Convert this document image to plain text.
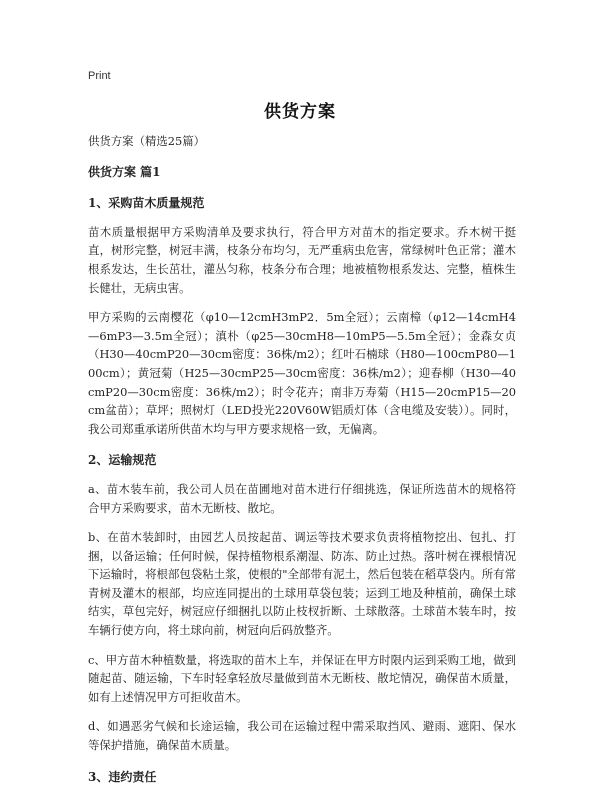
Print
供货方案

供货方案（精选25篇）

供货方案 篇1

1、采购苗木质量规范

苗木质量根据甲方采购清单及要求执行，符合甲方对苗木的指定要求。乔木树干挺直，树形完整，树冠丰满，枝条分布均匀，无严重病虫危害，常绿树叶色正常；灌木根系发达，生长茁壮，灌丛匀称，枝条分布合理；地被植物根系发达、完整，植株生长健壮，无病虫害。

甲方采购的云南樱花（φ10—12cmH3mP2．5m全冠）；云南樟（φ12—14cmH4—6mP3—3.5m全冠）；滇朴（φ25—30cmH8—10mP5—5.5m全冠）；金森女贞（H30—40cmP20—30cm密度：36株/m2）；红叶石楠球（H80—100cmP80—100cm）；黄冠菊（H25—30cmP25—30cm密度：36株/m2）；迎春柳（H30—40cmP20—30cm密度：36株/m2）；时令花卉；南非万寿菊（H15—20cmP15—20cm盆苗）；草坪；照树灯（LED投光220V60W铝质灯体（含电缆及安装））。同时，我公司郑重承诺所供苗木均与甲方要求规格一致，无偏离。

2、运输规范

a、苗木装车前，我公司人员在苗圃地对苗木进行仔细挑选，保证所选苗木的规格符合甲方采购要求，苗木无断枝、散坨。

b、在苗木装卸时，由园艺人员按起苗、调运等技术要求负责将植物挖出、包扎、打捆，以备运输；任何时候，保持植物根系潮湿、防冻、防止过热。落叶树在裸根情况下运输时，将根部包袋粘土浆，使根的"全部带有泥土，然后包装在稻草袋内。所有常青树及灌木的根部，均应连同提出的土球用草袋包装；运到工地及种植前，确保土球结实，草包完好，树冠应仔细捆扎以防止枝杈折断、土球散落。土球苗木装车时，按车辆行使方向，将土球向前，树冠向后码放整齐。

c、甲方苗木种植数量，将选取的苗木上车，并保证在甲方时限内运到采购工地，做到随起苗、随运输，下车时轻拿轻放尽量做到苗木无断枝、散坨情况，确保苗木质量，如有上述情况甲方可拒收苗木。

d、如遇恶劣气候和长途运输，我公司在运输过程中需采取挡风、避雨、遮阳、保水等保护措施，确保苗木质量。

3、违约责任
